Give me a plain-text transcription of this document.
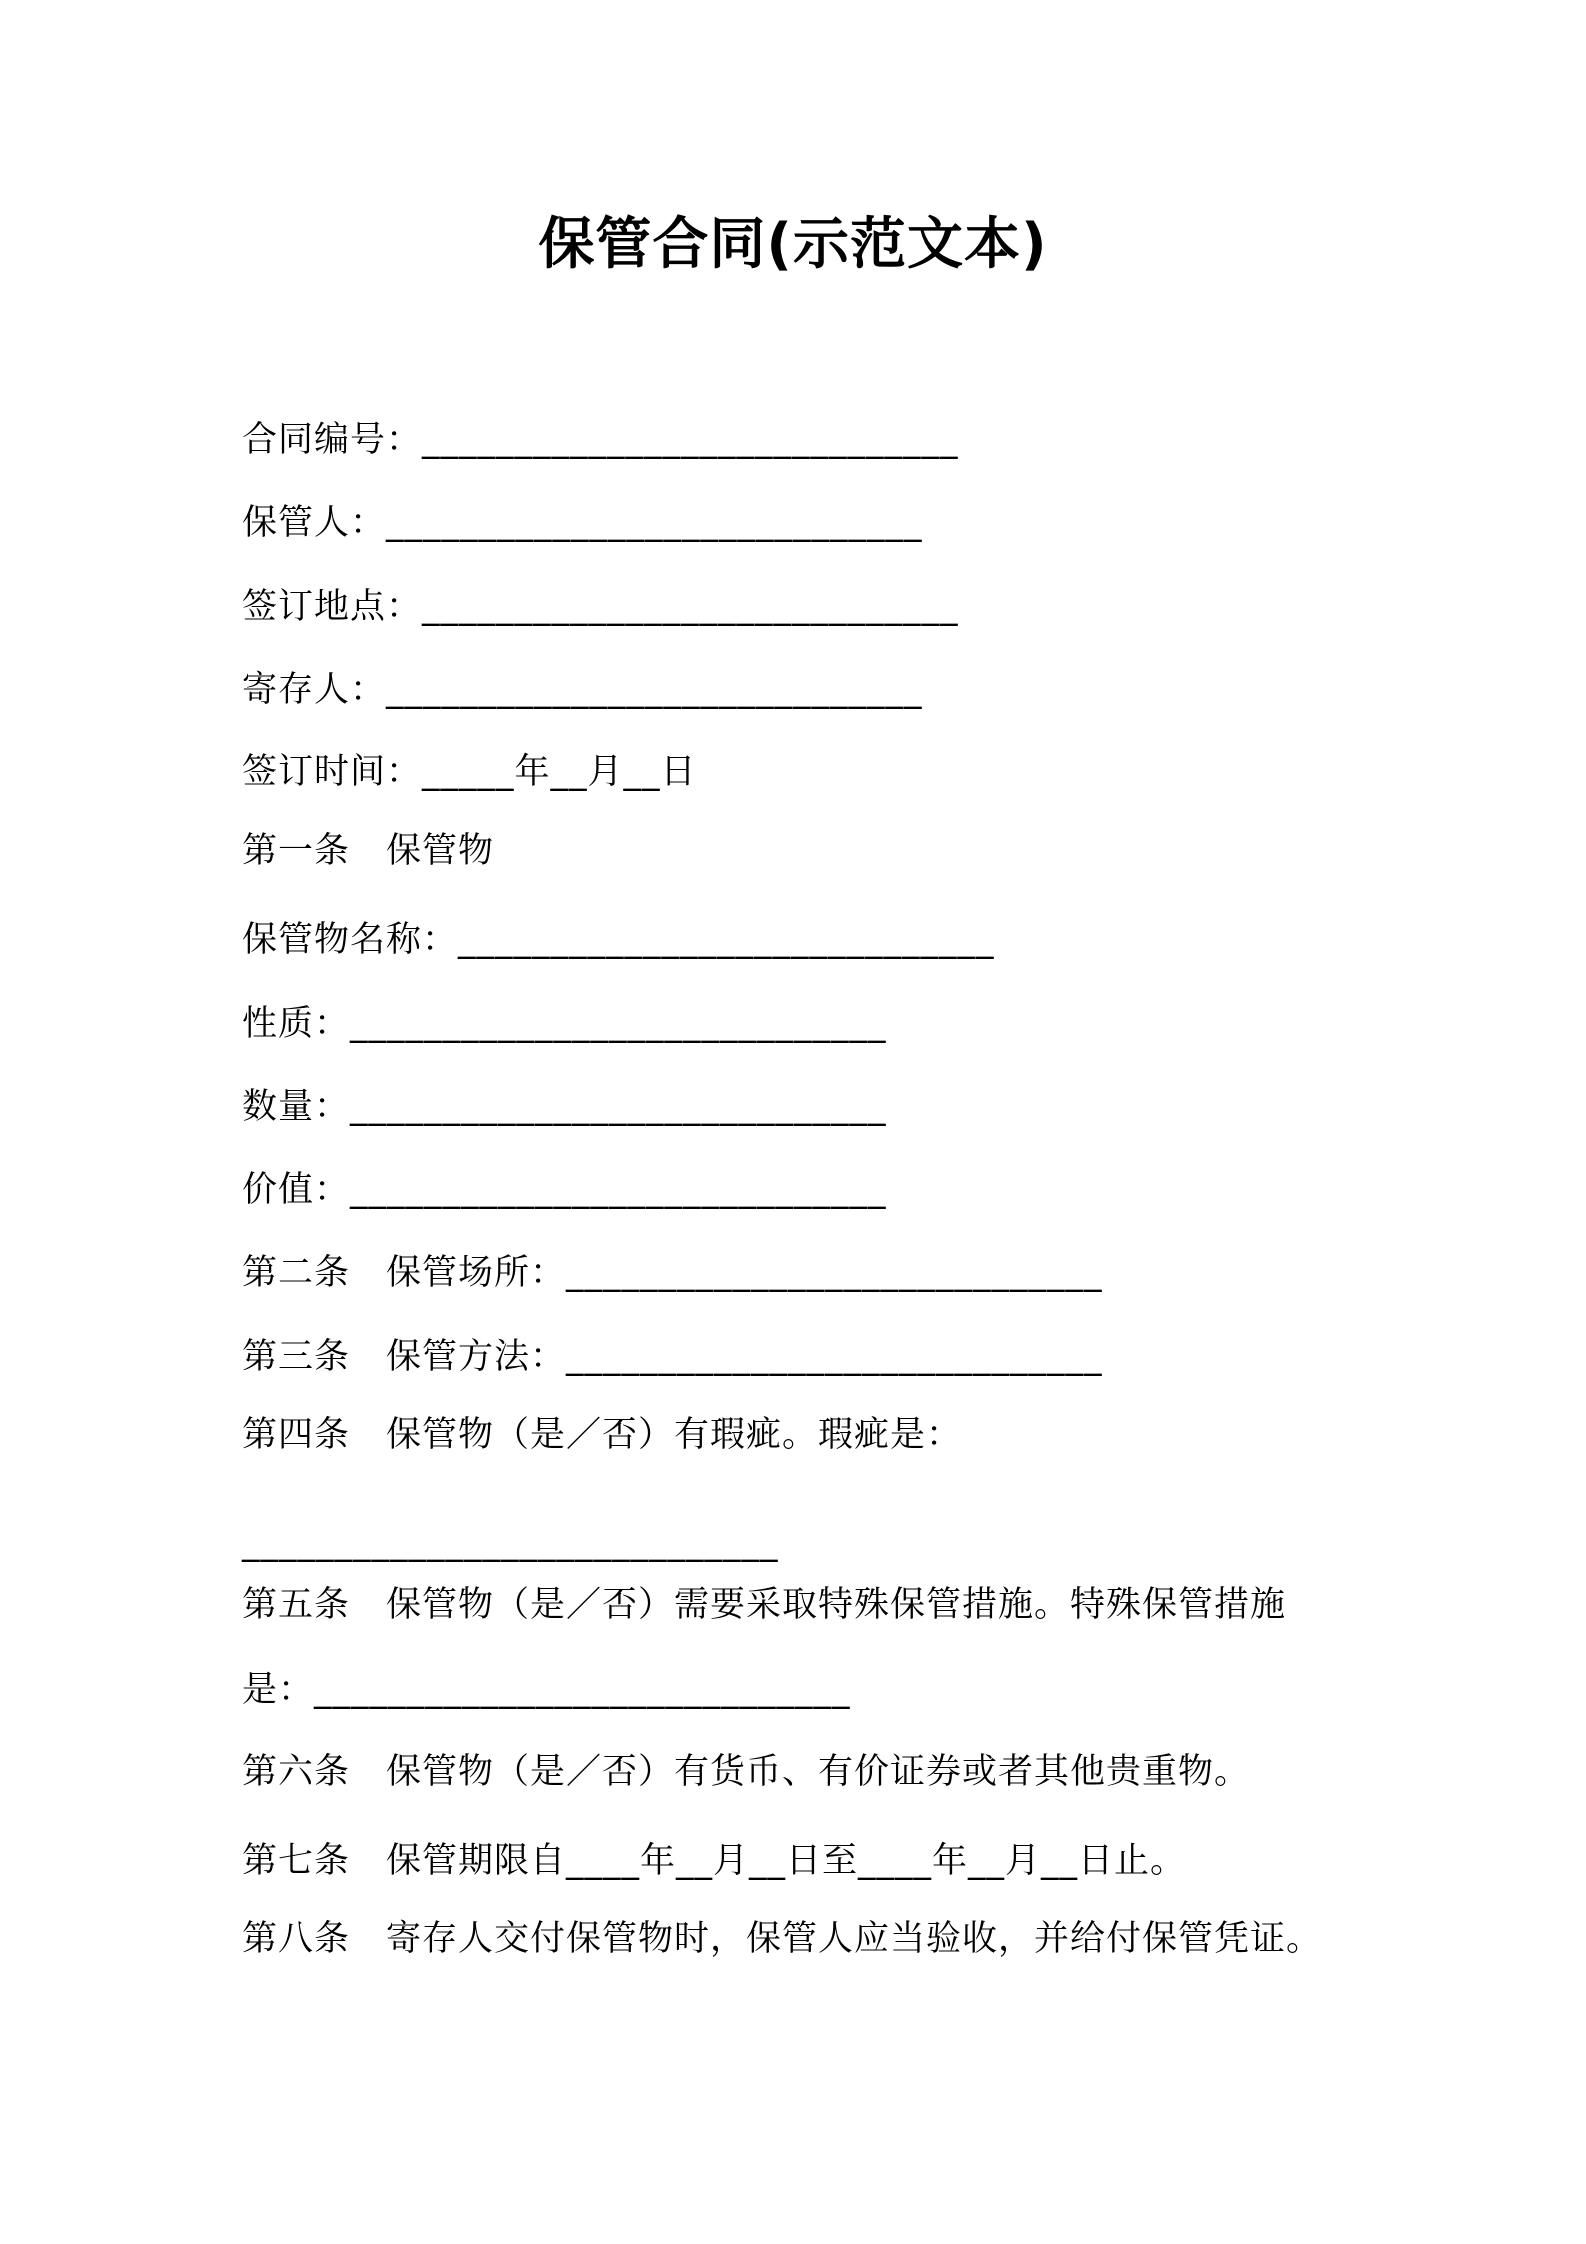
保管合同(示范文本)
合同编号：_____________________________
保管人：_____________________________
签订地点：_____________________________
寄存人：_____________________________
签订时间：_____年__月__日
第一条　保管物
保管物名称：_____________________________
性质：_____________________________
数量：_____________________________
价值：_____________________________
第二条　保管场所：_____________________________
第三条　保管方法：_____________________________
第四条　保管物（是／否）有瑕疵。瑕疵是：
_____________________________
第五条　保管物（是／否）需要采取特殊保管措施。特殊保管措施
是：_____________________________
第六条　保管物（是／否）有货币、有价证券或者其他贵重物。
第七条　保管期限自____年__月__日至____年__月__日止。
第八条　寄存人交付保管物时，保管人应当验收，并给付保管凭证。
